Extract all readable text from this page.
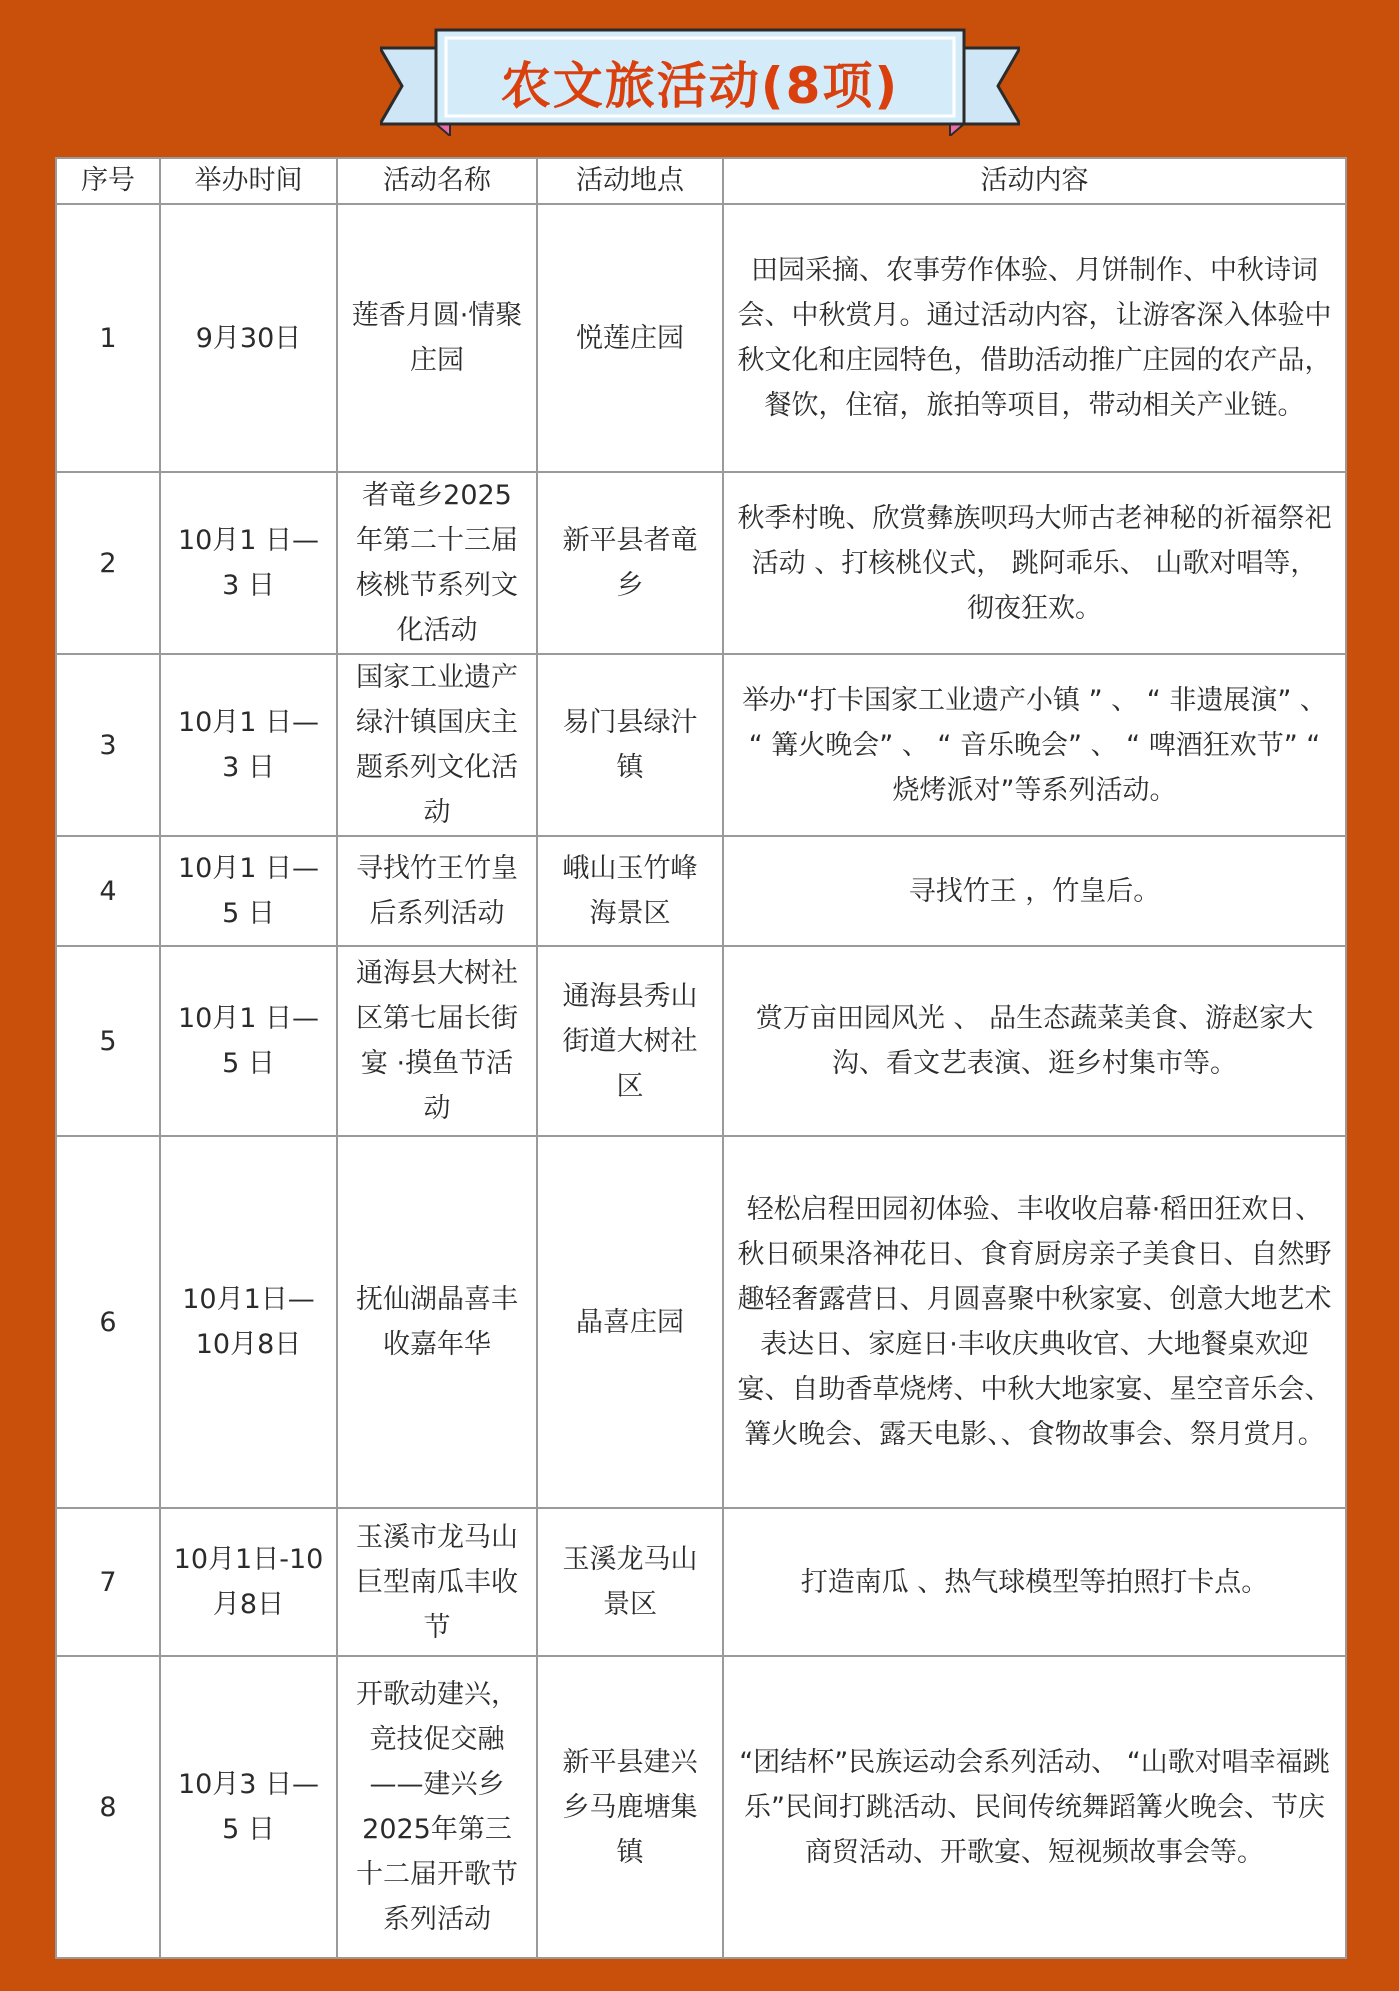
农文旅活动(8项)
序号	举办时间	活动名称	活动地点	活动内容
1	9月30日	莲香月圆·情聚庄园	悦莲庄园	田园采摘、农事劳作体验、月饼制作、中秋诗词会、中秋赏月。通过活动内容，让游客深入体验中秋文化和庄园特色，借助活动推广庄园的农产品，餐饮，住宿，旅拍等项目，带动相关产业链。
2	10月1 日—3 日	者竜乡2025年第二十三届核桃节系列文化活动	新平县者竜乡	秋季村晚、欣赏彝族呗玛大师古老神秘的祈福祭祀活动 、打核桃仪式， 跳阿乖乐、 山歌对唱等， 彻夜狂欢。
3	10月1 日—3 日	国家工业遗产绿汁镇国庆主题系列文化活动	易门县绿汁镇	举办“打卡国家工业遗产小镇 ” 、 “ 非遗展演” 、 “ 篝火晚会” 、 “ 音乐晚会” 、 “ 啤酒狂欢节” “ 烧烤派对”等系列活动。
4	10月1 日—5 日	寻找竹王竹皇后系列活动	峨山玉竹峰海景区	寻找竹王 ，竹皇后。
5	10月1 日—5 日	通海县大树社区第七届长街宴 ·摸鱼节活动	通海县秀山街道大树社区	赏万亩田园风光 、 品生态蔬菜美食、游赵家大沟、看文艺表演、逛乡村集市等。
6	10月1日—10月8日	抚仙湖晶喜丰收嘉年华	晶喜庄园	轻松启程田园初体验、丰收收启幕·稻田狂欢日、秋日硕果洛神花日、食育厨房亲子美食日、自然野趣轻奢露营日、月圆喜聚中秋家宴、创意大地艺术表达日、家庭日·丰收庆典收官、大地餐桌欢迎宴、自助香草烧烤、中秋大地家宴、星空音乐会、篝火晚会、露天电影、、食物故事会、祭月赏月。
7	10月1日-10月8日	玉溪市龙马山巨型南瓜丰收节	玉溪龙马山景区	打造南瓜 、热气球模型等拍照打卡点。
8	10月3 日—5 日	开歌动建兴，竞技促交融——建兴乡2025年第三十二届开歌节系列活动	新平县建兴乡马鹿塘集镇	“团结杯”民族运动会系列活动、 “山歌对唱幸福跳乐”民间打跳活动、民间传统舞蹈篝火晚会、节庆商贸活动、开歌宴、短视频故事会等。
